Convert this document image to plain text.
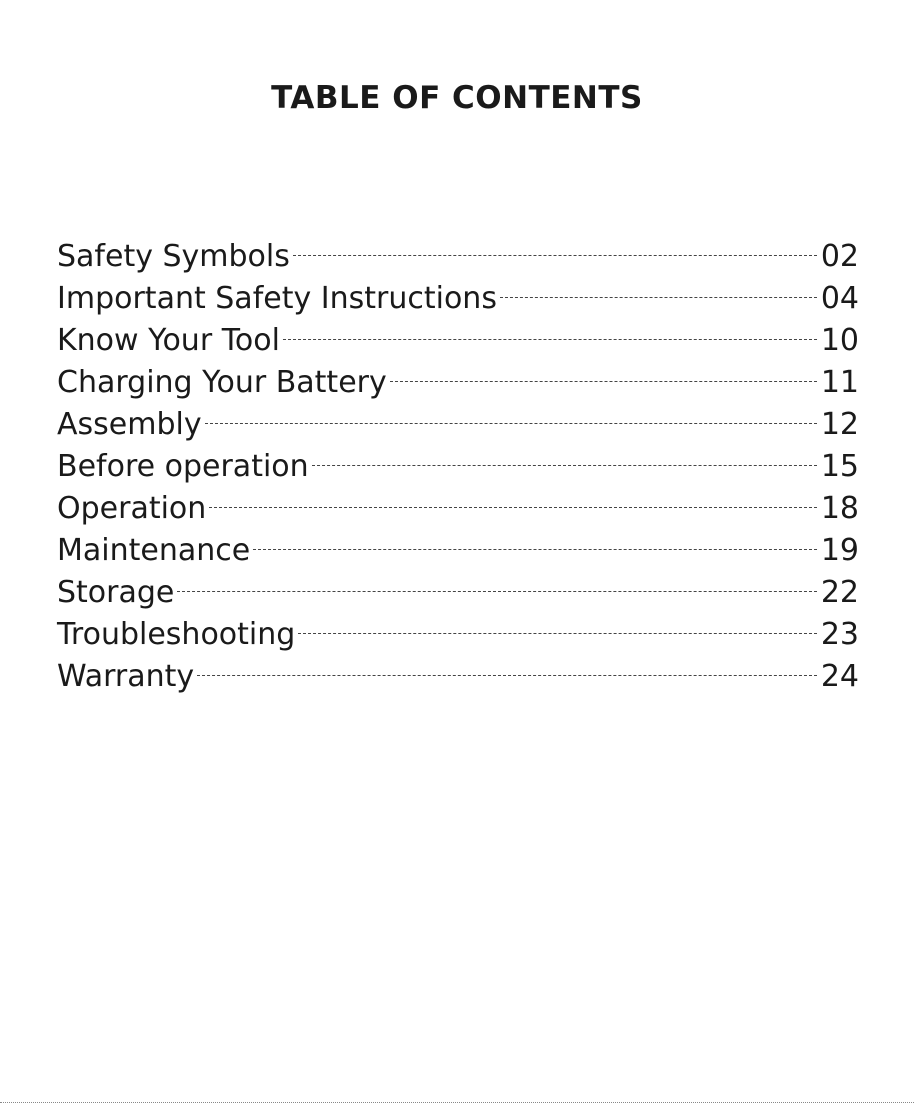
TABLE OF CONTENTS
Safety Symbols	02
Important Safety Instructions	04
Know Your Tool	10
Charging Your Battery	11
Assembly	12
Before operation	15
Operation	18
Maintenance	19
Storage	22
Troubleshooting	23
Warranty	24
